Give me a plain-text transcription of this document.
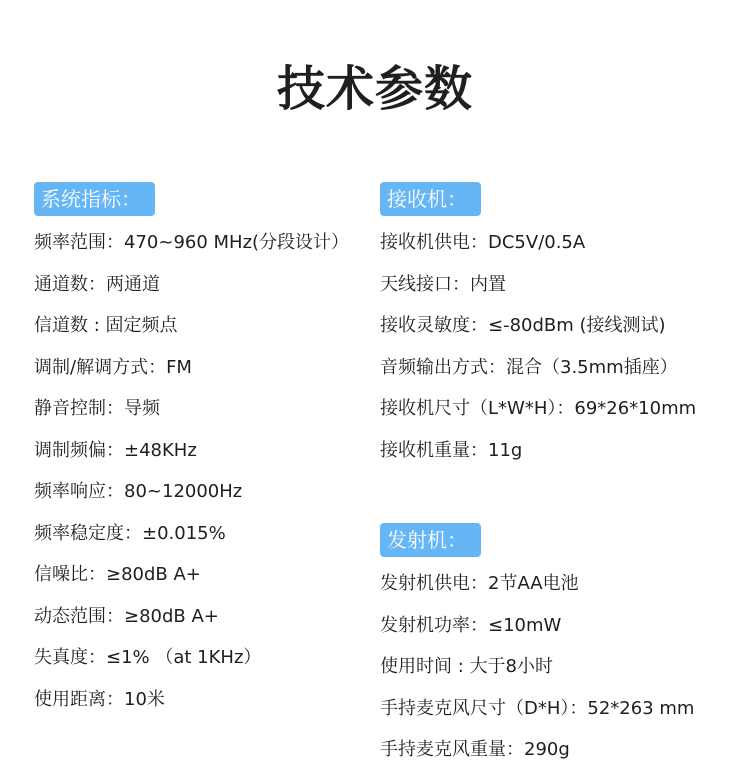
技术参数
系统指标：
频率范围：470~960 MHz(分段设计）
通道数：两通道
信道数 : 固定频点
调制/解调方式：FM
静音控制：导频
调制频偏：±48KHz
频率响应：80~12000Hz
频率稳定度：±0.015%
信噪比：≥80dB A+
动态范围：≥80dB A+
失真度：≤1% （at 1KHz）
使用距离：10米
接收机：
接收机供电：DC5V/0.5A
天线接口：内置
接收灵敏度：≤-80dBm (接线测试)
音频输出方式：混合（3.5mm插座）
接收机尺寸（L*W*H）：69*26*10mm
接收机重量：11g
发射机：
发射机供电：2节AA电池
发射机功率：≤10mW
使用时间 : 大于8小时
手持麦克风尺寸（D*H）：52*263 mm
手持麦克风重量：290g
